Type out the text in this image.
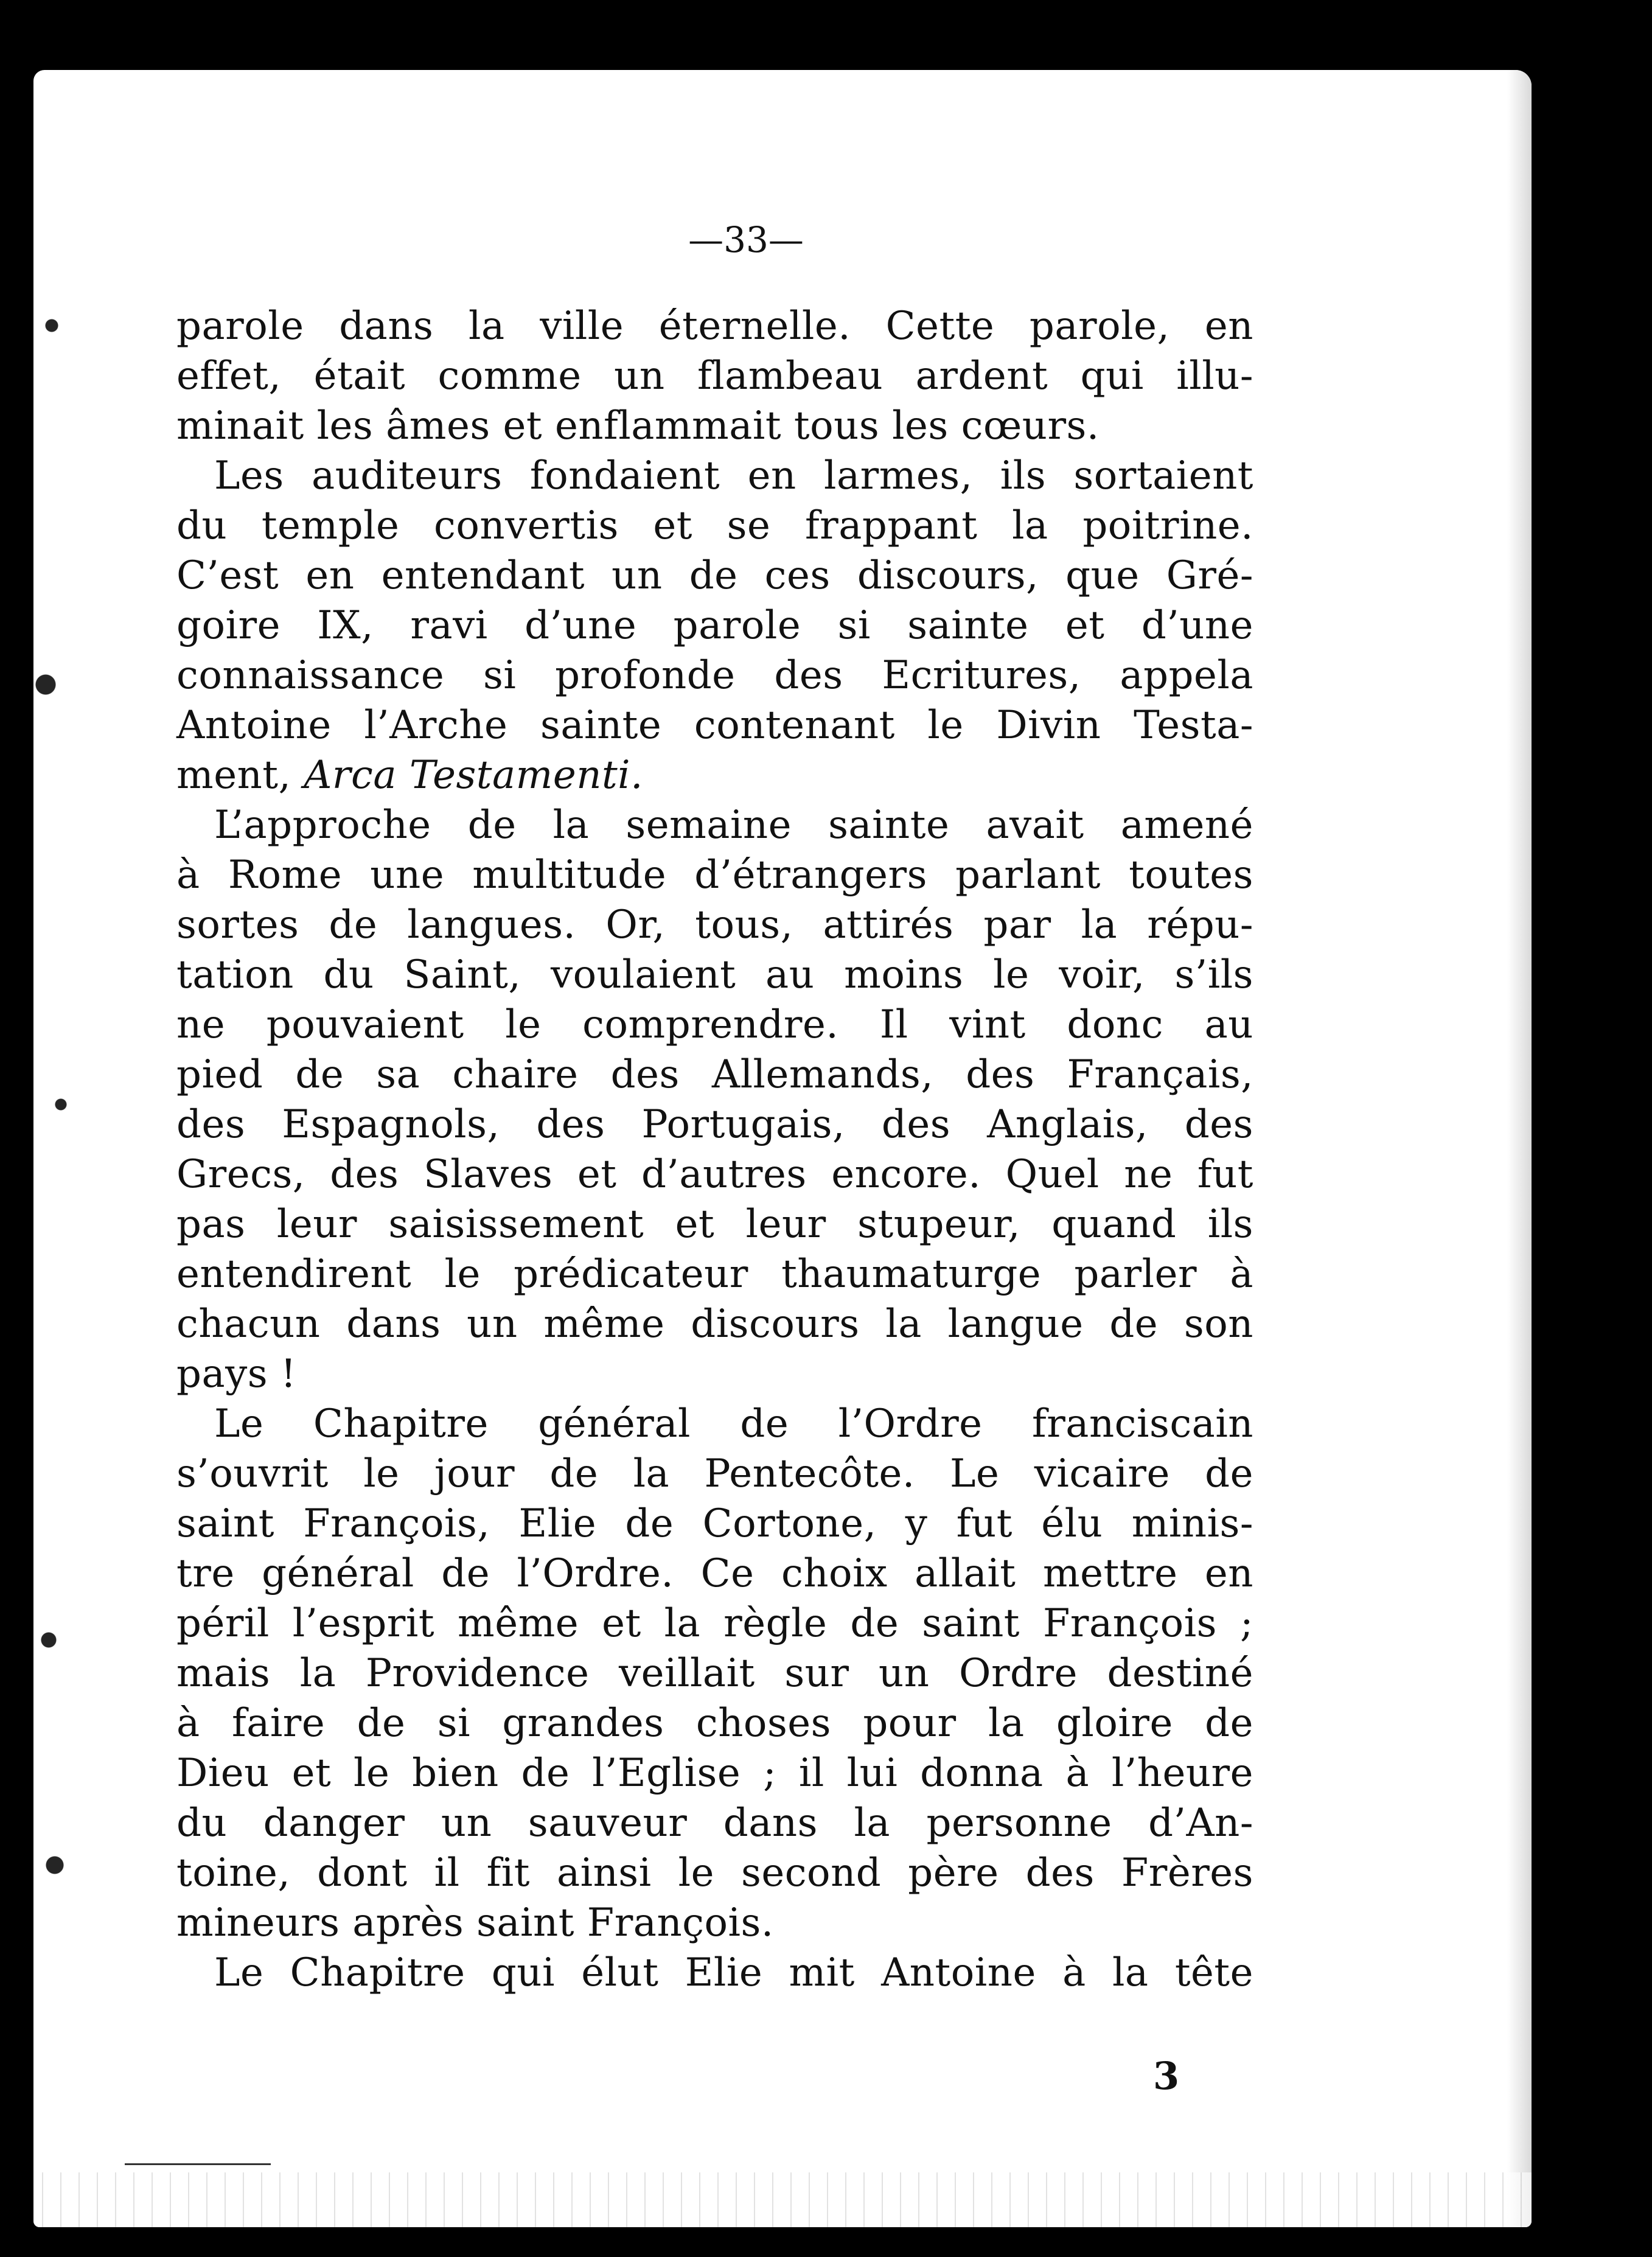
—33—
parole dans la ville éternelle. Cette parole, en
effet, était comme un flambeau ardent qui illu-
minait les âmes et enflammait tous les cœurs.
Les auditeurs fondaient en larmes, ils sortaient
du temple convertis et se frappant la poitrine.
C’est en entendant un de ces discours, que Gré-
goire IX, ravi d’une parole si sainte et d’une
connaissance si profonde des Ecritures, appela
Antoine l’Arche sainte contenant le Divin Testa-
ment, Arca Testamenti.
L’approche de la semaine sainte avait amené
à Rome une multitude d’étrangers parlant toutes
sortes de langues. Or, tous, attirés par la répu-
tation du Saint, voulaient au moins le voir, s’ils
ne pouvaient le comprendre. Il vint donc au
pied de sa chaire des Allemands, des Français,
des Espagnols, des Portugais, des Anglais, des
Grecs, des Slaves et d’autres encore. Quel ne fut
pas leur saisissement et leur stupeur, quand ils
entendirent le prédicateur thaumaturge parler à
chacun dans un même discours la langue de son
pays !
Le Chapitre général de l’Ordre franciscain
s’ouvrit le jour de la Pentecôte. Le vicaire de
saint François, Elie de Cortone, y fut élu minis-
tre général de l’Ordre. Ce choix allait mettre en
péril l’esprit même et la règle de saint François ;
mais la Providence veillait sur un Ordre destiné
à faire de si grandes choses pour la gloire de
Dieu et le bien de l’Eglise ; il lui donna à l’heure
du danger un sauveur dans la personne d’An-
toine, dont il fit ainsi le second père des Frères
mineurs après saint François.
Le Chapitre qui élut Elie mit Antoine à la tête
3
